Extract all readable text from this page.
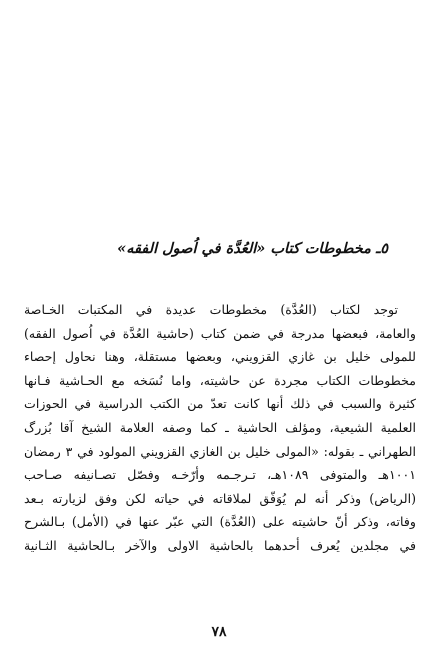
٥ـ مخطوطات كتاب «العُدَّة في اُصول الفقه»
توجد لكتاب (العُدَّة) مخطوطات عديدة في المكتبات الخـاصة
والعامة، فبعضها مدرجة في ضمن كتاب (حاشية العُدَّة في اُصول الفقه)
للمولى خليل بن غازي القزويني، وبعضها مستقلة، وهنا نحاول إحصاء
مخطوطات الكتاب مجردة عن حاشيته، واما نُسَخه مع الحـاشية فـانها
كثيرة والسبب في ذلك أنها كانت تعدّ من الكتب الدراسية في الحوزات
العلمية الشيعية، ومؤلف الحاشية ـ كما وصفه العلامة الشيخ آقا بُزرگ
الطهراني ـ بقوله: «المولى خليل بن الغازي القزويني المولود في ٣ رمضان
١٠٠١هـ والمتوفى ١٠٨٩هـ، تـرجـمه وأرّخـه وفصّل تصـانيفه صـاحب
(الرياض) وذكر أنه لم يُوَفّق لملاقاته في حياته لكن وفق لزيارته بـعد
وفاته، وذكر أنّ حاشيته على (العُدَّة) التي عبّر عنها في (الأمل) بـالشرح
في مجلدين يُعرف أحدهما بالحاشية الاولى والآخر بـالحاشية الثـانية
٧٨
